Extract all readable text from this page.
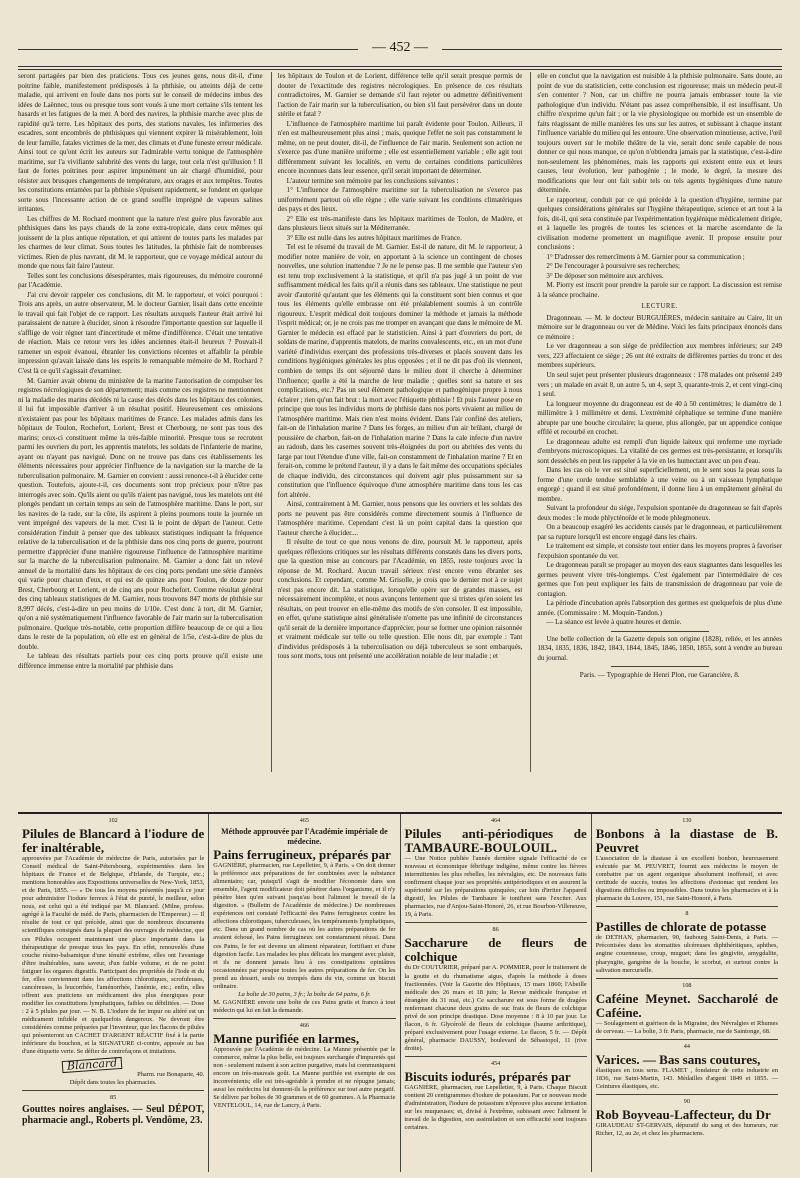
— 452 —

seront partagées par bien des praticiens. Tous ces jeunes gens, nous dit-il, d'une poitrine faible, manifestement prédisposés à la phthisie, ou atteints déjà de cette maladie, qui arrivent en foule dans nos ports sur le conseil de médecins imbus des idées de Laënnec, tous ou presque tous sont voués à une mort certaine s'ils tentent les hasards et les fatigues de la mer. A bord des navires, la phthisie marche avec plus de rapidité qu'à terre. Les hôpitaux des ports, des stations navales, les infirmeries des escadres, sont encombrés de phthisiques qui viennent expirer là misérablement, loin de leur famille, fatales victimes de la mer, des climats et d'une funeste erreur médicale. Ainsi tout ce qu'ont écrit les auteurs sur l'admirable vertu tonique de l'atmosphère maritime, sur l'a vivifiante salubrité des vents du large, tout cela n'est qu'illusion ! Il faut de fortes poitrines pour aspirer impunément un air chargé d'humidité, pour résister aux brusques changements de température, aux orages et aux tempêtes. Toutes les constitutions entamées par la phthisie s'épuisent rapidement, se fondent en quelque sorte sous l'incessante action de ce grand souffle imprégné de vapeurs salines irritantes.

Les chiffres de M. Rochard montrent que la nature n'est guère plus favorable aux phthisiques dans les pays chauds de la zone extra-tropicale, dans ceux mêmes qui jouissent de la plus antique réputation, et qui attirent de toutes parts les malades par les charmes de leur climat. Sous toutes les latitudes, la phthisie fait de nombreuses victimes. Rien de plus navrant, dit M. le rapporteur, que ce voyage médical autour du monde que nous fait faire l'auteur.

Telles sont les conclusions désespérantes, mais rigoureuses, du mémoire couronné par l'Académie.

J'ai cru devoir rappeler ces conclusions, dit M. le rapporteur, et voici pourquoi : Trois ans après, un autre observateur, M. le docteur Garnier, lisait dans cette enceinte le travail qui fait l'objet de ce rapport. Les résultats auxquels l'auteur était arrivé lui paraissaient de nature à élucider, sinon à résoudre l'importante question sur laquelle il s'afflige de voir régner tant d'incertitude et même d'indifférence. C'était une tentative de réaction. Mais ce retour vers les idées anciennes était-il heureux ? Pouvait-il ramener un espoir évanoui, ébranler les convictions récentes et affaiblir la pénible impression qu'avait laissée dans les esprits le remarquable mémoire de M. Rochard ? C'est là ce qu'il s'agissait d'examiner.

M. Garnier avait obtenu du ministère de la marine l'autorisation de compulser les registres nécrologiques de son département; mais comme ces registres ne mentionnent ni la maladie des marins décédés ni la cause des décès dans les hôpitaux des colonies, il lui fut impossible d'arriver à un résultat positif. Heureusement ces omissions n'existaient pas pour les hôpitaux maritimes de France. Les malades admis dans les hôpitaux de Toulon, Rochefort, Lorient, Brest et Cherbourg, ne sont pas tous des marins; ceux-ci constituent même la très-faible minorité. Presque tous se recrutent parmi les ouvriers du port, les apprentis matelots, les soldats de l'infanterie de marine, ayant ou n'ayant pas navigué. Donc on ne trouve pas dans ces établissements les éléments nécessaires pour apprécier l'influence de la navigation sur la marche de la tuberculisation pulmonaire. M. Garnier en convient : aussi renonce-t-il à élucider cette question. Toutefois, ajoute-t-il, ces documents sont trop précieux pour n'être pas interrogés avec soin. Qu'ils aient ou qu'ils n'aient pas navigué, tous les matelots ont été plongés pendant un certain temps au sein de l'atmosphère maritime. Dans le port, sur les navires de la rade, sur la côte, ils aspirent à pleins poumons toute la journée un vent imprégné des vapeurs de la mer. C'est là le point de départ de l'auteur. Cette considération l'induit à penser que des tableaux statistiques indiquant la fréquence relative de la tuberculisation et de la phthisie dans nos cinq ports de guerre, pourront permettre d'apprécier d'une manière rigoureuse l'influence de l'atmosphère maritime sur la marche de la tuberculisation pulmonaire. M. Garnier a donc fait un relevé annuel de la mortalité dans les hôpitaux de ces cinq ports pendant une série d'années qui varie pour chacun d'eux, et qui est de quinze ans pour Toulon, de douze pour Brest, Cherbourg et Lorient, et de cinq ans pour Rochefort. Comme résultat général des cinq tableaux statistiques de M. Garnier, nous trouvons 847 morts de phthisie sur 8,997 décès, c'est-à-dire un peu moins de 1/10e. C'est donc à tort, dit M. Garnier, qu'on a nié systématiquement l'influence favorable de l'air marin sur la tuberculisation pulmonaire. Quelque très-notable, cette proportion diffère beaucoup de ce qui a lieu dans le reste de la population, où elle est en général de 1/5e, c'est-à-dire de plus du double.

Le tableau des résultats partiels pour ces cinq ports prouve qu'il existe une différence immense entre la mortalité par phthisie dans

les hôpitaux de Toulon et de Lorient, différence telle qu'il serait presque permis de douter de l'exactitude des registres nécrologiques. En présence de ces résultats contradictoires, M. Garnier se demande s'il faut rejeter ou admettre définitivement l'action de l'air marin sur la tuberculisation, ou bien s'il faut persévérer dans un doute stérile et fatal ?

L'influence de l'atmosphère maritime lui paraît évidente pour Toulon. Ailleurs, il n'en est malheureusement plus ainsi ; mais, quoique l'effet ne soit pas constamment le même, on ne peut douter, dit-il, de l'influence de l'air marin. Seulement son action ne s'exerce pas d'une manière uniforme ; elle est essentiellement variable ; elle agit tout différemment suivant les localités, en vertu de certaines conditions particulières encore inconnues dans leur essence, qu'il serait important de déterminer.

L'auteur termine son mémoire par les conclusions suivantes :

1° L'influence de l'atmosphère maritime sur la tuberculisation ne s'exerce pas uniformément partout où elle règne ; elle varie suivant les conditions climatériques des pays et des lieux.

2° Elle est très-manifeste dans les hôpitaux maritimes de Toulon, de Madère, et dans plusieurs lieux situés sur la Méditerranée.

3° Elle est nulle dans les autres hôpitaux maritimes de France.

Tel est le résumé du travail de M. Garnier. Est-il de nature, dit M. le rapporteur, à modifier notre manière de voir, en apportant à la science un contingent de choses nouvelles, une solution inattendue ? Je ne le pense pas. Il me semble que l'auteur s'en est tenu trop exclusivement à la statistique, et qu'il n'a pas jugé à un point de vue suffisamment médical les faits qu'il a réunis dans ses tableaux. Une statistique ne peut avoir d'autorité qu'autant que les éléments qui la constituent sont bien connus et que tous les éléments qu'elle embrasse ont été préalablement soumis à un contrôle rigoureux. L'esprit médical doit toujours dominer la méthode et jamais la méthode l'esprit médical; or, je ne crois pas me tromper en avançant que dans le mémoire de M. Garnier le médecin est effacé par le statisticien. Ainsi à part d'ouvriers du port, de soldats de marine, d'apprentis matelots, de marins convalescents, etc., en un mot d'une variété d'individus exerçant des professions très-diverses et placés souvent dans les conditions hygiéniques générales les plus opposées ; et il ne dit pas d'où ils viennent, combien de temps ils ont séjourné dans le milieu dont il cherche à déterminer l'influence; quelle a été la marche de leur maladie ; quelles sont sa nature et ses complications, etc.? Pas un seul élément pathologique et pathogénique propre à nous éclairer ; rien qu'un fait brut : la mort avec l'étiquette phthisie ! Et puis l'auteur pose en principe que tous les individus morts de phthisie dans nos ports vivaient au milieu de l'atmosphère maritime. Mais rien n'est moins évident. Dans l'air confiné des ateliers, fait-on de l'inhalation marine ? Dans les forges, au milieu d'un air brûlant, chargé de poussière de charbon, fait-on de l'inhalation marine ? Dans la cale infecte d'un navire au radoub, dans les casernes souvent très-éloignées du port ou abritées des vents du large par tout l'étendue d'une ville, fait-on constamment de l'inhalation marine ? Et en ferait-on, comme le prétend l'auteur, il y a dans le fait même des occupations spéciales de chaque individu, des circonstances qui doivent agir plus puissamment sur sa constitution que l'influence équivoque d'une atmosphère maritime dans tous les cas fort altérée.

Ainsi, contrairement à M. Garnier, nous pensons que les ouvriers et les soldats des ports ne peuvent pas être considérés comme directement soumis à l'influence de l'atmosphère maritime. Cependant c'est là un point capital dans la question que l'auteur cherche à élucider....

Il résulte de tout ce que nous venons de dire, poursuit M. le rapporteur, après quelques réflexions critiques sur les résultats différents constatés dans les divers ports, que la question mise au concours par l'Académie, en 1855, reste toujours avec la réponse de M. Rochard. Aucun travail sérieux n'est encore venu ébranler ses conclusions. Et cependant, comme M. Grisolle, je crois que le dernier mot à ce sujet n'est pas encore dit. La statistique, lorsqu'elle opère sur de grandes masses, est nécessairement incomplète, et nous avançons lentement que si tristes qu'en soient les résultats, on peut trouver en elle-même des motifs de s'en consoler. Il est impossible, en effet, qu'une statistique ainsi généralisée n'omette pas une infinité de circonstances qu'il serait de la dernière importance d'apprécier, pour se former une opinion raisonnée et vraiment médicale sur telle ou telle question. Elle nous dit, par exemple : Tant d'individus prédisposés à la tuberculisation ou déjà tuberculeux se sont embarqués, tous sont morts, tous ont présenté une accélération notable de leur maladie ; et

elle en conclut que la navigation est nuisible à la phthisie pulmonaire. Sans doute, au point de vue du statisticien, cette conclusion est rigoureuse; mais un médecin peut-il s'en contenter ? Non, car un chiffre ne pourra jamais embrasser toute la vie pathologique d'un individu. N'étant pas assez compréhensible, il est insuffisant. Un chiffre n'exprime qu'un fait ; or la vie physiologique ou morbide est un ensemble de faits réagissant de mille manières les uns sur les autres, et subissant à chaque instant l'influence variable du milieu qui les entoure. Une observation minutieuse, active, l'œil toujours ouvert sur le mobile théâtre de la vie, serait donc seule capable de nous donner ce qui nous manque, ce qu'on n'obtiendra jamais par la statistique, c'est-à-dire non-seulement les phénomènes, mais les rapports qui existent entre eux et leurs causes, leur évolution, leur pathogénie ; le mode, le degré, la mesure des modifications que leur ont fait subir tels ou tels agents hygiéniques d'une nature déterminée.

Le rapporteur, conduit par ce qui précède à la question d'hygiène, termine par quelques considérations générales sur l'hygiène thérapeutique, science et art tout à la fois, dit-il, qui sera constituée par l'expérimentation hygiénique médicalement dirigée, et à laquelle les progrès de toutes les sciences et la marche ascendante de la civilisation moderne promettent un magnifique avenir. Il propose ensuite pour conclusions :

1° D'adresser des remercîments à M. Garnier pour sa communication ;

2° De l'encourager à poursuivre ses recherches;

3° De déposer son mémoire aux archives.

M. Piorry est inscrit pour prendre la parole sur ce rapport. La discussion est remise à la séance prochaine.

LECTURE.

Dragonneau. — M. le docteur BURGUIÈRES, médecin sanitaire au Caire, lit un mémoire sur le dragonneau ou ver de Médine. Voici les faits principaux énoncés dans ce mémoire :

Le ver dragonneau a son siége de prédilection aux membres inférieurs; sur 249 vers, 223 affectaient ce siége ; 26 ont été extraits de différentes parties du tronc et des membres supérieurs.

Un seul sujet peut présenter plusieurs dragonneaux : 178 malades ont présenté 249 vers ; un malade en avait 8, un autre 5, un 4, sept 3, quarante-trois 2, et cent vingt-cinq 1 seul.

La longueur moyenne du dragonneau est de 40 à 50 centimètres; le diamètre de 1 millimètre à 1 millimètre et demi. L'extrémité céphalique se termine d'une manière abrupte par une bouche circulaire; la queue, plus allongée, par un appendice conique effilé et recourbé en crochet.

Le dragonneau adulte est rempli d'un liquide laiteux qui renferme une myriade d'embryons microscopiques. La vitalité de ces germes est très-persistante, et lorsqu'ils sont desséchés en peut les rappeler à la vie en les humectant avec un peu d'eau.

Dans les cas où le ver est situé superficiellement, on le sent sous la peau sous la forme d'une corde tendue semblable à une veine ou à un vaisseau lymphatique engorgé ; quand il est situé profondément, il donne lieu à un empâtement général du membre.

Suivant la profondeur du siége, l'expulsion spontanée du dragonneau se fait d'après deux modes : le mode phlycténoïde et le mode phlegmoneux.

On a beaucoup exagéré les accidents causés par le dragonneau, et particulièrement par sa rupture lorsqu'il est encore engagé dans les chairs.

Le traitement est simple, et consiste tout entier dans les moyens propres à favoriser l'expulsion spontanée du ver.

Le dragonneau paraît se propager au moyen des eaux stagnantes dans lesquelles les germes peuvent vivre très-longtemps. C'est également par l'intermédiaire de ces germes que l'on peut expliquer les faits de transmission de dragonneau par voie de contagion.

La période d'incubation après l'absorption des germes est quelquefois de plus d'une année. (Commissaire : M. Moquin-Tandon.)

— La séance est levée à quatre heures et demie.

Une belle collection de la Gazette depuis son origine (1828), reliée, et les années 1834, 1835, 1836, 1842, 1843, 1844, 1845, 1846, 1850, 1855, sont à vendre au bureau du journal.

Paris. — Typographie de Henri Plon, rue Garancière, 8.
102
Pilules de Blancard à l'iodure de fer inaltérable,
approuvées par l'Académie de médecine de Paris, autorisées par le Conseil médical de Saint-Pétersbourg, expérimentées dans les hôpitaux de France et de Belgique, d'Irlande, de Turquie, etc.; mentions honorables aux Expositions universelles de New-York, 1853, et de Paris, 1855. — « De tous les moyens présentés jusqu'à ce jour pour administrer l'iodure ferreux à l'état de pureté, le meilleur, selon nous, est celui qui a été indiqué par M. Blancard. (Milne, profess. agrégé à la Faculté de méd. de Paris, pharmacien de l'Empereur.) — Il résulte de tout ce qui précède, ainsi que de nombreux documents scientifiques consignés dans la plupart des ouvrages de médecine, que ces Pilules occupent maintenant une place importante dans la thérapeutique de presque tous les pays. En effet, renouvelés d'une couche résino-balsamique d'une ténuité extrême, elles ont l'avantage d'être inaltérables, sans saveur, d'un faible volume, et de ne point fatiguer les organes digestifs. Participant des propriétés de l'Iode et du fer, elles conviennent dans les affections chlorotiques, scrofuleuses, cancéreuses, la leucorrhée, l'aménorrhée, l'anémie, etc.; enfin, elles offrent aux praticiens un médicament des plus énergiques pour modifier les constitutions lymphatiques, faibles ou débilitées. — Dose : 2 à 5 pilules par jour. — N. B. L'iodure de fer impur ou altéré est un médicament infidèle et quelquefois dangereux. Ne devront être considérées comme préparées par l'inventeur, que les flacons de pilules qui présenteront un CACHET D'ARGENT RÉACTIF fixé à la partie inférieure du bouchon, et la SIGNATURE ci-contre, apposée au bas d'une étiquette verte. Se défier de contrefaçons et imitations.
Blancard
Pharm. rue Bonaparte, 40.
Dépôt dans toutes les pharmacies.
85
Gouttes noires anglaises. — Seul DÉPOT, pharmacie angl., Roberts pl. Vendôme, 23.
465
Méthode approuvée par l'Académie impériale de médecine.
Pains ferrugineux, préparés par
GAGNIÈRE, pharmacien, rue Lepelletier, 9, à Paris. « On doit donner la préférence aux préparations de fer combinées avec la substance alimentaire; car, puisqu'il s'agit de modifier l'économie dans son ensemble, l'agent modificateur doit pénétrer dans l'organisme, et il n'y pénètre bien qu'en suivant jusqu'au bout l'aliment le travail de la digestion. » (Bulletin de l'Académie de médecine.) De nombreuses expériences ont constaté l'efficacité des Pains ferrugineux contre les affections chlorotiques, tuberculeuses, les tempéraments lymphatiques, etc. Dans un grand nombre de cas où les autres préparations de fer avaient échoué, les Pains ferrugineux ont constamment réussi. Dans ces Pains, le fer est devenu un aliment réparateur, fortifiant et d'une digestion facile. Les malades les plus délicats les mangent avec plaisir, et ils ne donnent jamais lieu à ces constipations opiniâtres occasionnées par presque toutes les autres préparations de fer. On les prend au dessert, seuls ou trempés dans du vin, comme un biscuit ordinaire.
La boîte de 30 pains, 3 fr.; la boîte de 64 pains, 6 fr.
M. GAGNIÈRE envoie une boîte de ces Pains gratis et franco à tout médecin qui lui en fait la demande.
466
Manne purifiée en larmes,
Approuvée par l'Académie de médecine. La Manne présentée par le commerce, même la plus belle, est toujours surchargée d'impuretés qui non - seulement nuisent à son action purgative, mais lui communiquent encore un très-mauvais goût. La Manne purifiée est exempte de ces inconvénients; elle est très-agréable à prendre et ne répugne jamais; aussi les médecins lui donnent-ils la préférence sur tout autre purgatif. Se délivre par boîtes de 30 grammes et de 60 grammes. A la Pharmacie VENTELOUL, 14, rue de Lancry, à Paris.
464
Pilules anti-périodiques de TAMBAURE-BOULOUIL.
— Une Notice publiée l'année dernière signale l'efficacité de ce nouveau et économique fébrifuge indigène, même contre les fièvres intermittentes les plus rebelles, les névralgies, etc. De nouveaux faits confirment chaque jour ses propriétés antipériodiques et en assurent la supériorité sur les préparations quinquées; car loin d'irriter l'appareil digestif, les Pilules de Tambaure le tonifient sans l'exciter. Aux pharmacies, rue d'Anjou-Saint-Honoré, 26, et rue Bourbon-Villeneuve, 19, à Paris.
86
Saccharure de fleurs de colchique
du Dr COUTURIER, préparé par A. POMMIER, pour le traitement de la goutte et du rhumatisme aigus, d'après la méthode à doses fractionnées. (Voir la Gazette des Hôpitaux, 15 mars 1860; l'Abeille médicale des 26 mars et 18 juin; la Revue médicale française et étrangère du 31 mai, etc.) Ce saccharure est sous forme de dragées renfermant chacune deux grains de suc frais de fleurs de colchique privé de son principe drastique. Dose moyenne : 8 à 10 par jour. Le flacon, 6 fr. Glycérolé de fleurs de colchique (baume arthritique), préparé exclusivement pour l'usage externe. Le flacon, 5 fr. — Dépôt général, pharmacie DAUSSY, boulevard de Sébastopol, 11 (rive droite).
454
Biscuits iodurés, préparés par
GAGNIÈRE, pharmacien, rue Lepelletier, 9, à Paris. Chaque Biscuit contient 20 centigrammes d'iodure de potassium. Par ce nouveau mode d'administration, l'iodure de potassium n'éprouve plus aucune irritation sur les muqueuses; et, divisé à l'extrême, subissant avec l'aliment le travail de la digestion, son assimilation et son efficacité sont toujours certaines.
130
Bonbons à la diastase de B. Peuvret
L'association de la diastase à un excellent bonbon, heureusement exécutée par M. PEUVRET, fournit aux médecins le moyen de combattre par un agent organique absolument inoffensif, et avec certitude de succès, toutes les affections d'estomac qui rendent les digestions difficiles ou impossibles. Dans toutes les pharmacies et à la pharmacie du Louvre, 151, rue Saint-Honoré, à Paris.
8
Pastilles de chlorate de potasse
de DETHAN, pharmacien, 90, faubourg Saint-Denis, à Paris. — Préconisées dans les stomatites ulcéreuses diphthéritiques, aphthes, angine couenneuse, croup, muguet; dans les gingivite, amygdalite, pharyngite, gangrène de la bouche, le scorbut, et surtout contre la salivation mercurielle.
108
Caféine Meynet. Saccharolé de Caféine.
— Soulagement et guérison de la Migraine, des Névralgies et Rhumes de cerveau. — La boîte, 3 fr. Paris, pharmacie, rue de Saintonge, 68.
44
Varices. — Bas sans coutures,
élastiques en tous sens. FLAMET , fondateur de cette industrie en 1836, rue Saint-Martin, 143. Médailles d'argent 1849 et 1855. — Ceintures élastiques, etc.
90
Rob Boyveau-Laffecteur, du Dr
GIRAUDEAU ST-GERVAIS, dépuratif du sang et des humeurs, rue Richer, 12, au 2e, et chez les pharmaciens.
